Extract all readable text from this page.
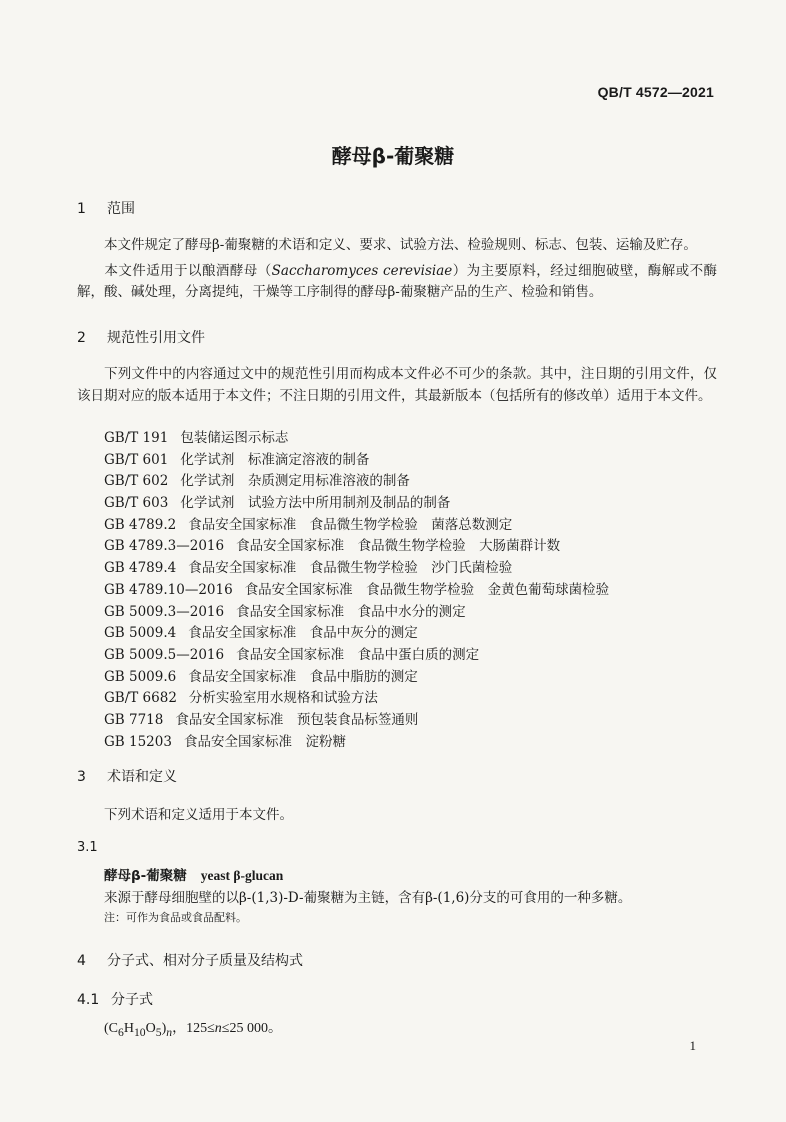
QB/T 4572—2021
酵母β-葡聚糖
1 范围
本文件规定了酵母β-葡聚糖的术语和定义、要求、试验方法、检验规则、标志、包装、运输及贮存。
本文件适用于以酿酒酵母（Saccharomyces cerevisiae）为主要原料，经过细胞破壁，酶解或不酶解，酸、碱处理，分离提纯，干燥等工序制得的酵母β-葡聚糖产品的生产、检验和销售。
2 规范性引用文件
下列文件中的内容通过文中的规范性引用而构成本文件必不可少的条款。其中，注日期的引用文件，仅该日期对应的版本适用于本文件；不注日期的引用文件，其最新版本（包括所有的修改单）适用于本文件。
GB/T 191 包装储运图示标志
GB/T 601 化学试剂　标准滴定溶液的制备
GB/T 602 化学试剂　杂质测定用标准溶液的制备
GB/T 603 化学试剂　试验方法中所用制剂及制品的制备
GB 4789.2 食品安全国家标准　食品微生物学检验　菌落总数测定
GB 4789.3—2016 食品安全国家标准　食品微生物学检验　大肠菌群计数
GB 4789.4 食品安全国家标准　食品微生物学检验　沙门氏菌检验
GB 4789.10—2016 食品安全国家标准　食品微生物学检验　金黄色葡萄球菌检验
GB 5009.3—2016 食品安全国家标准　食品中水分的测定
GB 5009.4 食品安全国家标准　食品中灰分的测定
GB 5009.5—2016 食品安全国家标准　食品中蛋白质的测定
GB 5009.6 食品安全国家标准　食品中脂肪的测定
GB/T 6682 分析实验室用水规格和试验方法
GB 7718 食品安全国家标准　预包装食品标签通则
GB 15203 食品安全国家标准　淀粉糖
3 术语和定义
下列术语和定义适用于本文件。
3.1
酵母β-葡聚糖 yeast β-glucan
来源于酵母细胞壁的以β-(1,3)-D-葡聚糖为主链，含有β-(1,6)分支的可食用的一种多糖。
注：可作为食品或食品配料。
4 分子式、相对分子质量及结构式
4.1 分子式
$(C_6H_{10}O_5)_n$，125≤n≤25 000。
1
